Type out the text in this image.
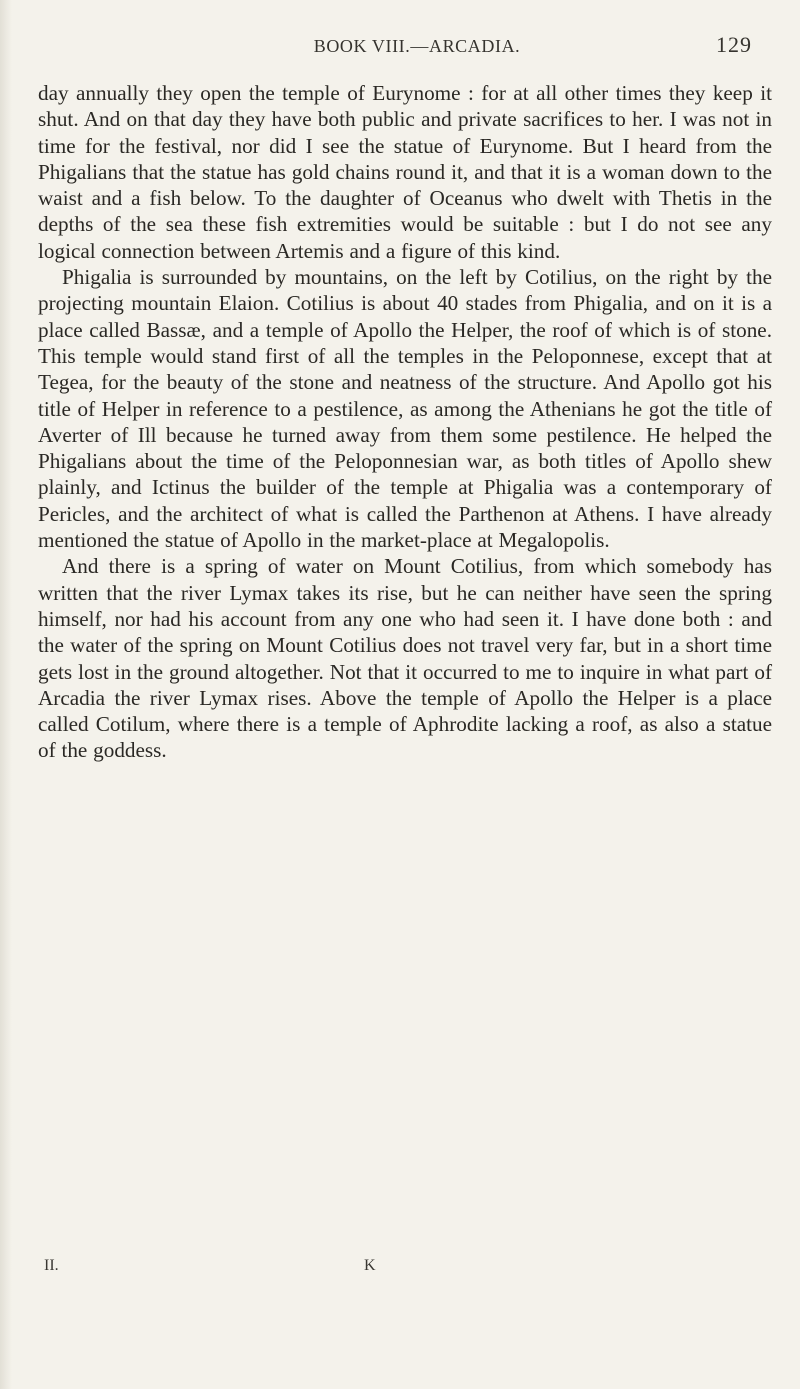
BOOK VIII.—ARCADIA.	129

day annually they open the temple of Eurynome : for at all other times they keep it shut. And on that day they have both public and private sacrifices to her. I was not in time for the festival, nor did I see the statue of Eurynome. But I heard from the Phigalians that the statue has gold chains round it, and that it is a woman down to the waist and a fish below. To the daughter of Oceanus who dwelt with Thetis in the depths of the sea these fish extremities would be suitable : but I do not see any logical connection between Artemis and a figure of this kind.

Phigalia is surrounded by mountains, on the left by Cotilius, on the right by the projecting mountain Elaion. Cotilius is about 40 stades from Phigalia, and on it is a place called Bassæ, and a temple of Apollo the Helper, the roof of which is of stone. This temple would stand first of all the temples in the Peloponnese, except that at Tegea, for the beauty of the stone and neatness of the structure. And Apollo got his title of Helper in reference to a pestilence, as among the Athenians he got the title of Averter of Ill because he turned away from them some pestilence. He helped the Phigalians about the time of the Peloponnesian war, as both titles of Apollo shew plainly, and Ictinus the builder of the temple at Phigalia was a contemporary of Pericles, and the architect of what is called the Parthenon at Athens. I have already mentioned the statue of Apollo in the market-place at Megalopolis.

And there is a spring of water on Mount Cotilius, from which somebody has written that the river Lymax takes its rise, but he can neither have seen the spring himself, nor had his account from any one who had seen it. I have done both : and the water of the spring on Mount Cotilius does not travel very far, but in a short time gets lost in the ground altogether. Not that it occurred to me to inquire in what part of Arcadia the river Lymax rises. Above the temple of Apollo the Helper is a place called Cotilum, where there is a temple of Aphrodite lacking a roof, as also a statue of the goddess.

II.	K
